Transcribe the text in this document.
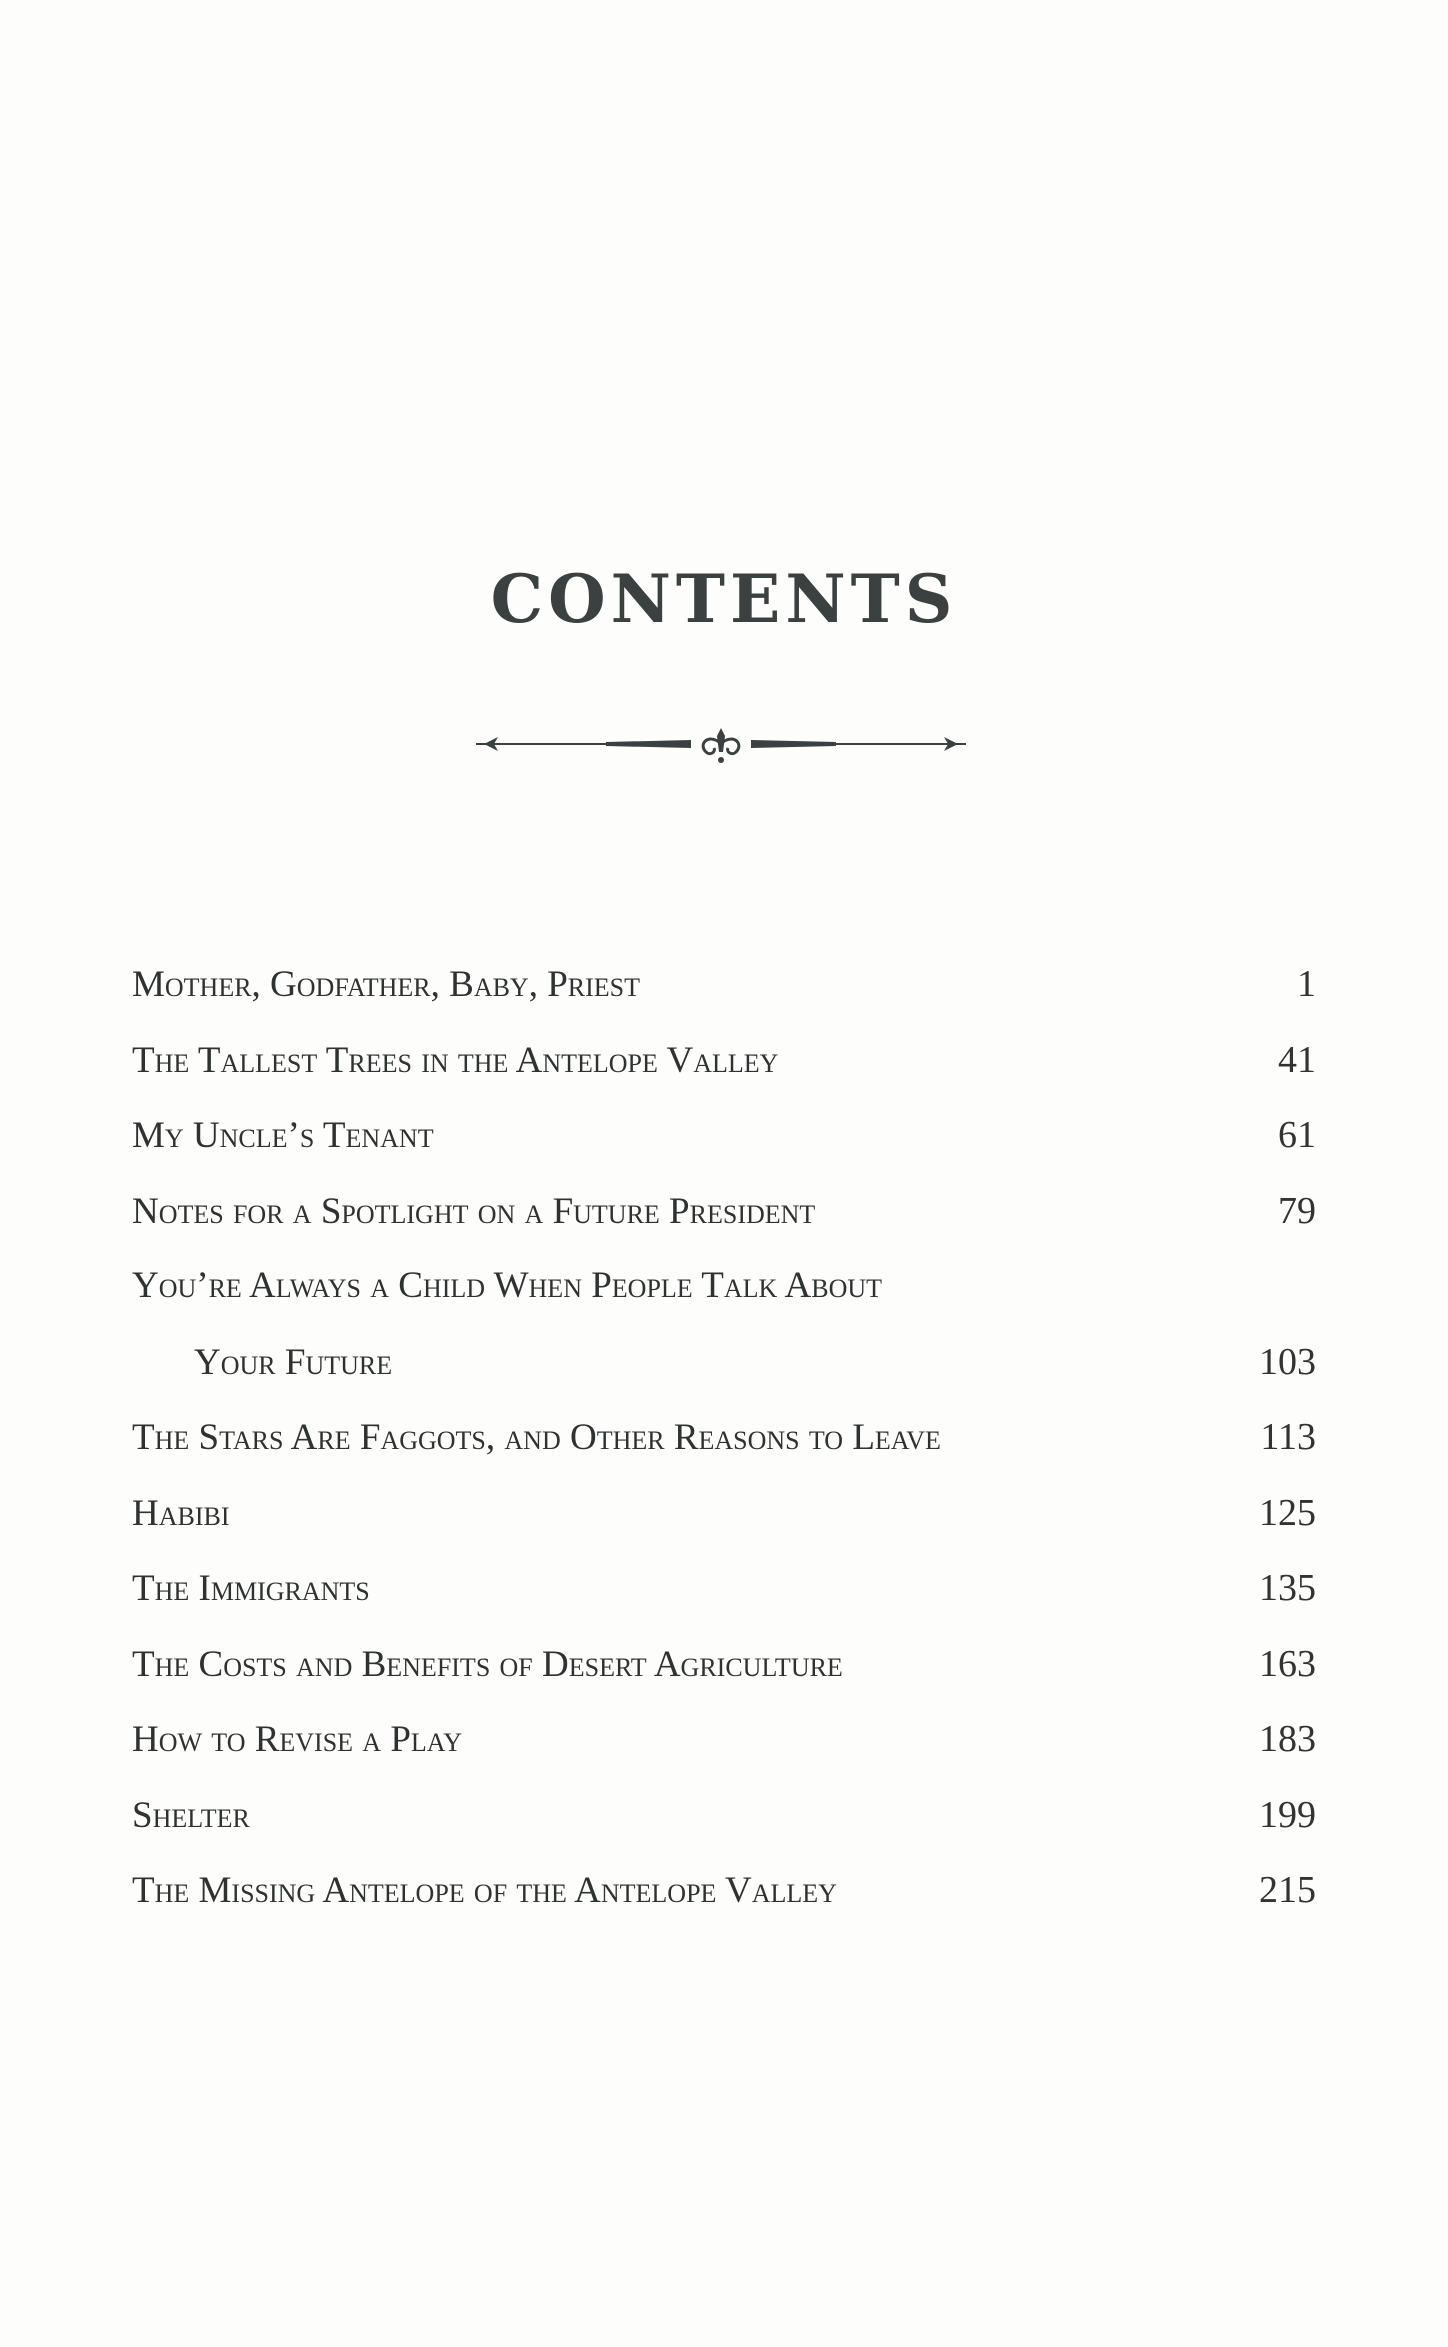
CONTENTS
Mother, Godfather, Baby, Priest	1
The Tallest Trees in the Antelope Valley	41
My Uncle’s Tenant	61
Notes for a Spotlight on a Future President	79
You’re Always a Child When People Talk About
Your Future	103
The Stars Are Faggots, and Other Reasons to Leave	113
Habibi	125
The Immigrants	135
The Costs and Benefits of Desert Agriculture	163
How to Revise a Play	183
Shelter	199
The Missing Antelope of the Antelope Valley	215
